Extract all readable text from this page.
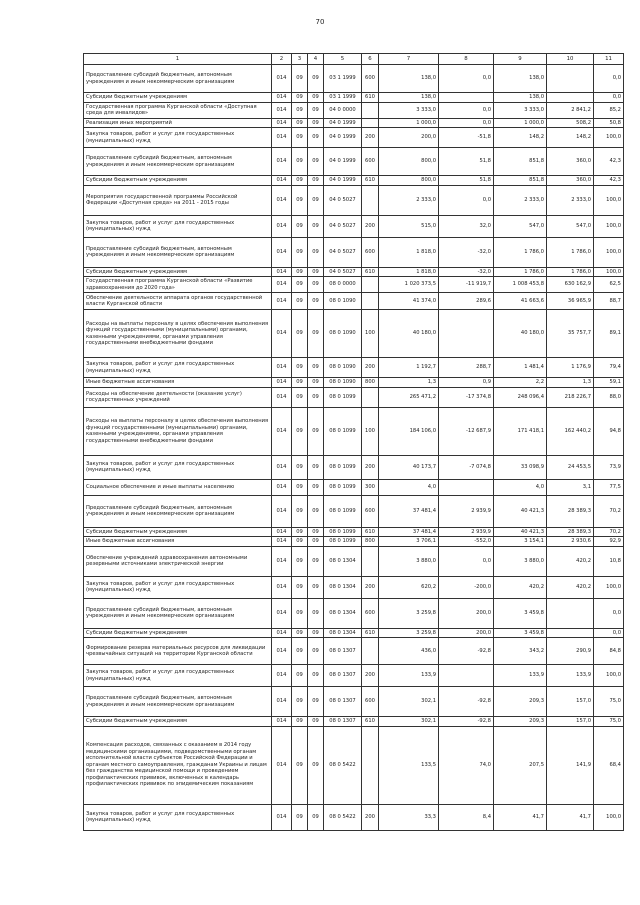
70
1	2	3	4	5	6	7	8	9	10	11
Предоставление субсидий бюджетным, автономным учреждениям и иным некоммерческим организациям	014	09	09	03 1 1999	600	138,0	0,0	138,0		0,0
Субсидии бюджетным учреждениям	014	09	09	03 1 1999	610	138,0		138,0		0,0
Государственная программа Курганской области «Доступная среда для инвалидов»	014	09	09	04 0 0000		3 333,0	0,0	3 333,0	2 841,2	85,2
Реализация иных мероприятий	014	09	09	04 0 1999		1 000,0	0,0	1 000,0	508,2	50,8
Закупка товаров, работ и услуг для государственных (муниципальных) нужд	014	09	09	04 0 1999	200	200,0	-51,8	148,2	148,2	100,0
Предоставление субсидий бюджетным, автономным учреждениям и иным некоммерческим организациям	014	09	09	04 0 1999	600	800,0	51,8	851,8	360,0	42,3
Субсидии бюджетным учреждениям	014	09	09	04 0 1999	610	800,0	51,8	851,8	360,0	42,3
Мероприятия государственной программы Российской Федерации «Доступная среда» на 2011 - 2015 годы	014	09	09	04 0 5027		2 333,0	0,0	2 333,0	2 333,0	100,0
Закупка товаров, работ и услуг для государственных (муниципальных) нужд	014	09	09	04 0 5027	200	515,0	32,0	547,0	547,0	100,0
Предоставление субсидий бюджетным, автономным учреждениям и иным некоммерческим организациям	014	09	09	04 0 5027	600	1 818,0	-32,0	1 786,0	1 786,0	100,0
Субсидии бюджетным учреждениям	014	09	09	04 0 5027	610	1 818,0	-32,0	1 786,0	1 786,0	100,0
Государственная программа Курганской области «Развитие здравоохранения до 2020 года»	014	09	09	08 0 0000		1 020 373,5	-11 919,7	1 008 453,8	630 162,9	62,5
Обеспечение деятельности аппарата органов государственной власти Курганской области	014	09	09	08 0 1090		41 374,0	289,6	41 663,6	36 965,9	88,7
Расходы на выплаты персоналу в целях обеспечения выполнения функций государственными (муниципальными) органами, казенными учреждениями, органами управления государственными внебюджетными фондами	014	09	09	08 0 1090	100	40 180,0		40 180,0	35 757,7	89,1
Закупка товаров, работ и услуг для государственных (муниципальных) нужд	014	09	09	08 0 1090	200	1 192,7	288,7	1 481,4	1 176,9	79,4
Иные бюджетные ассигнования	014	09	09	08 0 1090	800	1,3	0,9	2,2	1,3	59,1
Расходы на обеспечение деятельности (оказание услуг) государственных учреждений	014	09	09	08 0 1099		265 471,2	-17 374,8	248 096,4	218 226,7	88,0
Расходы на выплаты персоналу в целях обеспечения выполнения функций государственными (муниципальными) органами, казенными учреждениями, органами управления государственными внебюджетными фондами	014	09	09	08 0 1099	100	184 106,0	-12 687,9	171 418,1	162 440,2	94,8
Закупка товаров, работ и услуг для государственных (муниципальных) нужд	014	09	09	08 0 1099	200	40 173,7	-7 074,8	33 098,9	24 453,5	73,9
Социальное обеспечение и иные выплаты населению	014	09	09	08 0 1099	300	4,0		4,0	3,1	77,5
Предоставление субсидий бюджетным, автономным учреждениям и иным некоммерческим организациям	014	09	09	08 0 1099	600	37 481,4	2 939,9	40 421,3	28 389,3	70,2
Субсидии бюджетным учреждениям	014	09	09	08 0 1099	610	37 481,4	2 939,9	40 421,3	28 389,3	70,2
Иные бюджетные ассигнования	014	09	09	08 0 1099	800	3 706,1	-552,0	3 154,1	2 930,6	92,9
Обеспечение учреждений здравоохранения автономными резервными источниками электрической энергии	014	09	09	08 0 1304		3 880,0	0,0	3 880,0	420,2	10,8
Закупка товаров, работ и услуг для государственных (муниципальных) нужд	014	09	09	08 0 1304	200	620,2	-200,0	420,2	420,2	100,0
Предоставление субсидий бюджетным, автономным учреждениям и иным некоммерческим организациям	014	09	09	08 0 1304	600	3 259,8	200,0	3 459,8		0,0
Субсидии бюджетным учреждениям	014	09	09	08 0 1304	610	3 259,8	200,0	3 459,8		0,0
Формирование резерва материальных ресурсов для ликвидации чрезвычайных ситуаций на территории Курганской области	014	09	09	08 0 1307		436,0	-92,8	343,2	290,9	84,8
Закупка товаров, работ и услуг для государственных (муниципальных) нужд	014	09	09	08 0 1307	200	133,9		133,9	133,9	100,0
Предоставление субсидий бюджетным, автономным учреждениям и иным некоммерческим организациям	014	09	09	08 0 1307	600	302,1	-92,8	209,3	157,0	75,0
Субсидии бюджетным учреждениям	014	09	09	08 0 1307	610	302,1	-92,8	209,3	157,0	75,0
Компенсация расходов, связанных с оказанием в 2014 году медицинскими организациями, подведомственными органам исполнительной власти субъектов Российской Федерации и органам местного самоуправления, гражданам Украины и лицам без гражданства медицинской помощи и проведением профилактических прививок, включенных в календарь профилактических прививок по эпидемическим показаниям	014	09	09	08 0 5422		133,5	74,0	207,5	141,9	68,4
Закупка товаров, работ и услуг для государственных (муниципальных) нужд	014	09	09	08 0 5422	200	33,3	8,4	41,7	41,7	100,0
